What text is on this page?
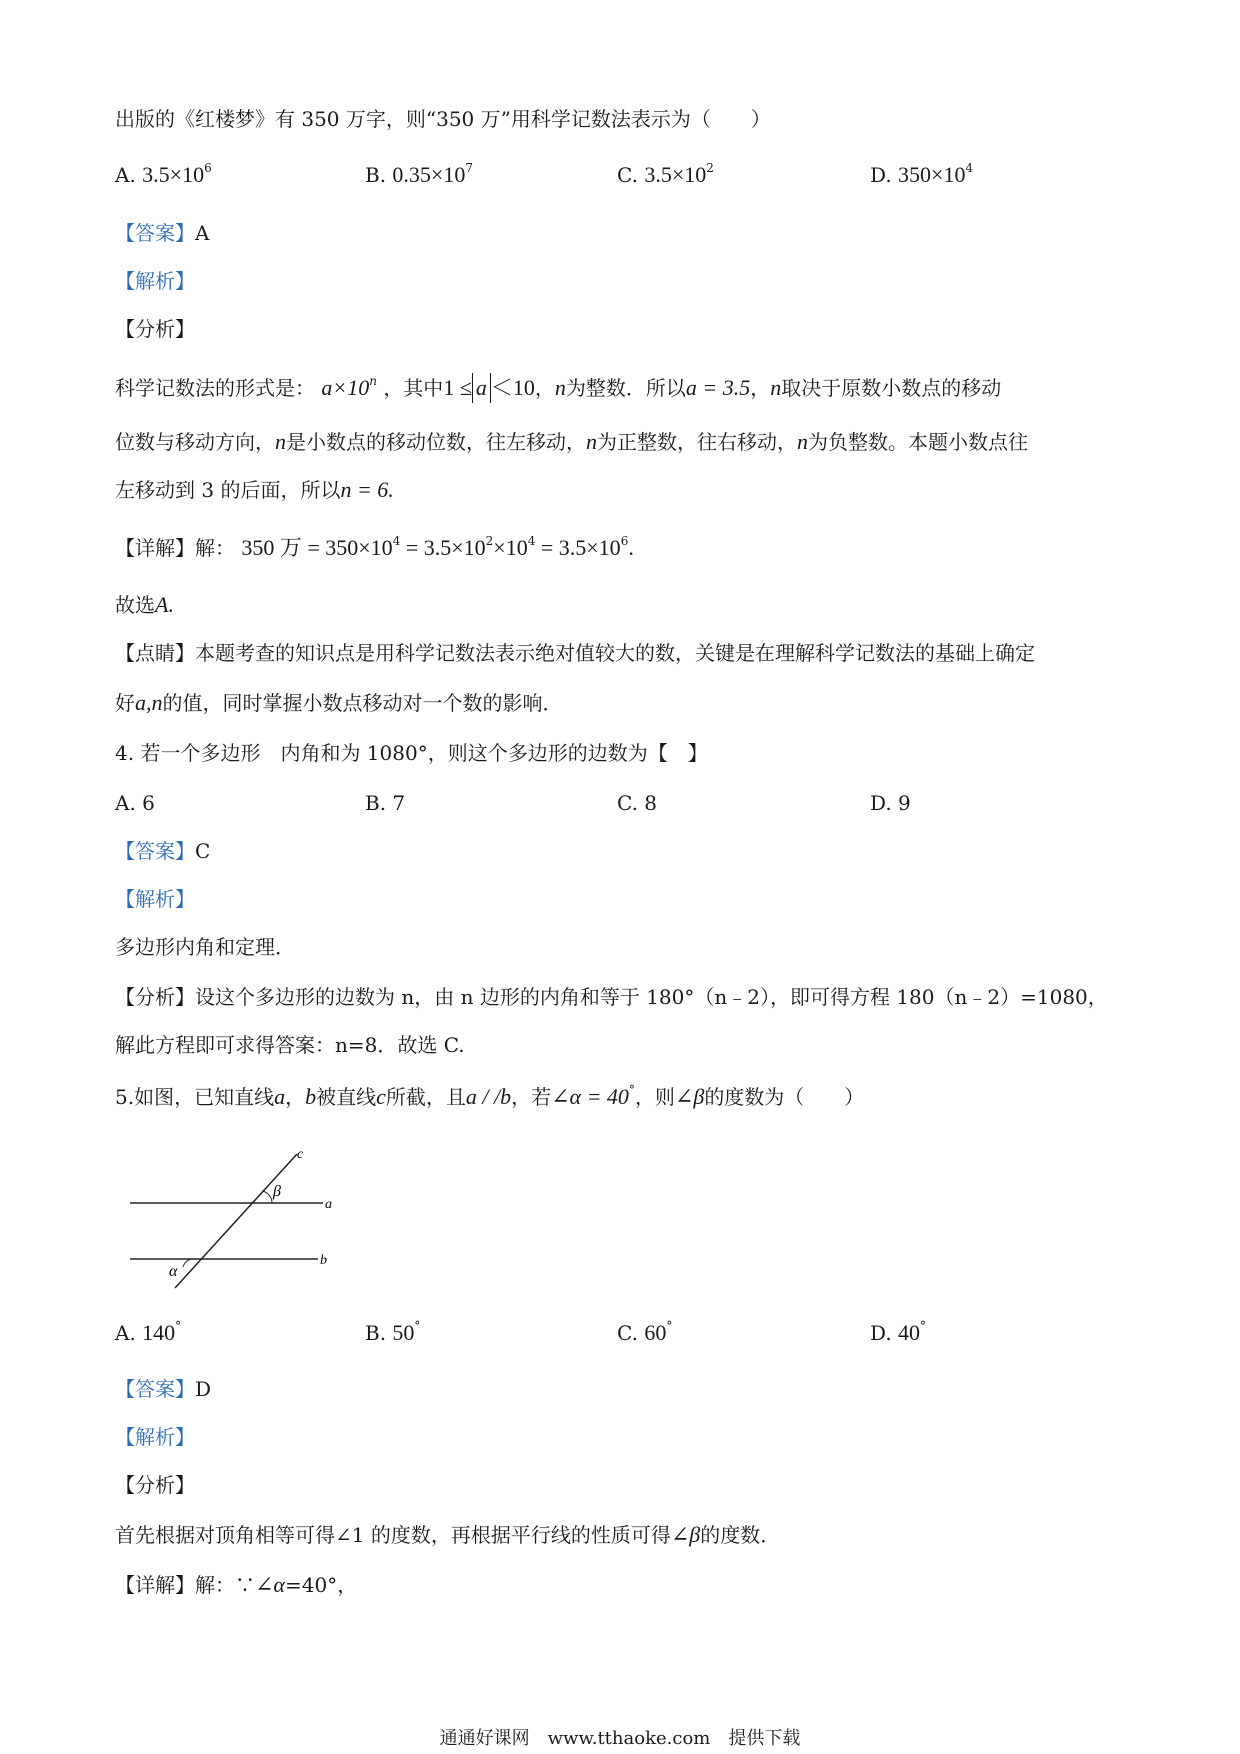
出版的《红楼梦》有 350 万字，则“350 万”用科学记数法表示为（　　）
A. $3.5\times 10^6$	B. $0.35\times 10^7$	C. $3.5\times 10^2$	D. $350\times 10^4$
【答案】A
【解析】
【分析】
科学记数法的形式是： $a\times 10^n$ ，其中1 ≤ a ＜10，n为整数．所以a = 3.5，n取决于原数小数点的移动
位数与移动方向，n是小数点的移动位数，往左移动，n为正整数，往右移动，n为负整数。本题小数点往
左移动到 3 的后面，所以n = 6.
【详解】解： 350 万 = $350\times 10^4 = 3.5\times 10^2\times 10^4 = 3.5\times 10^6$.
故选A.
【点睛】本题考查的知识点是用科学记数法表示绝对值较大的数，关键是在理解科学记数法的基础上确定
好a,n的值，同时掌握小数点移动对一个数的影响．
4. 若一个多边形　内角和为 1080°，则这个多边形的边数为【　】
A. 6	B. 7	C. 8	D. 9
【答案】C
【解析】
多边形内角和定理．
【分析】设这个多边形的边数为 n，由 n 边形的内角和等于 180°（n﹣2），即可得方程 180（n﹣2）=1080，
解此方程即可求得答案：n=8．故选 C.
5.如图，已知直线a，b被直线c所截，且a / /b，若∠α = 40°，则∠β的度数为（　　）
c
a
b
β
α
A. 140°	B. 50°	C. 60°	D. 40°
【答案】D
【解析】
【分析】
首先根据对顶角相等可得∠1 的度数，再根据平行线的性质可得∠β的度数．
【详解】解：∵∠α=40°，
通通好课网　www.tthaoke.com　提供下载
